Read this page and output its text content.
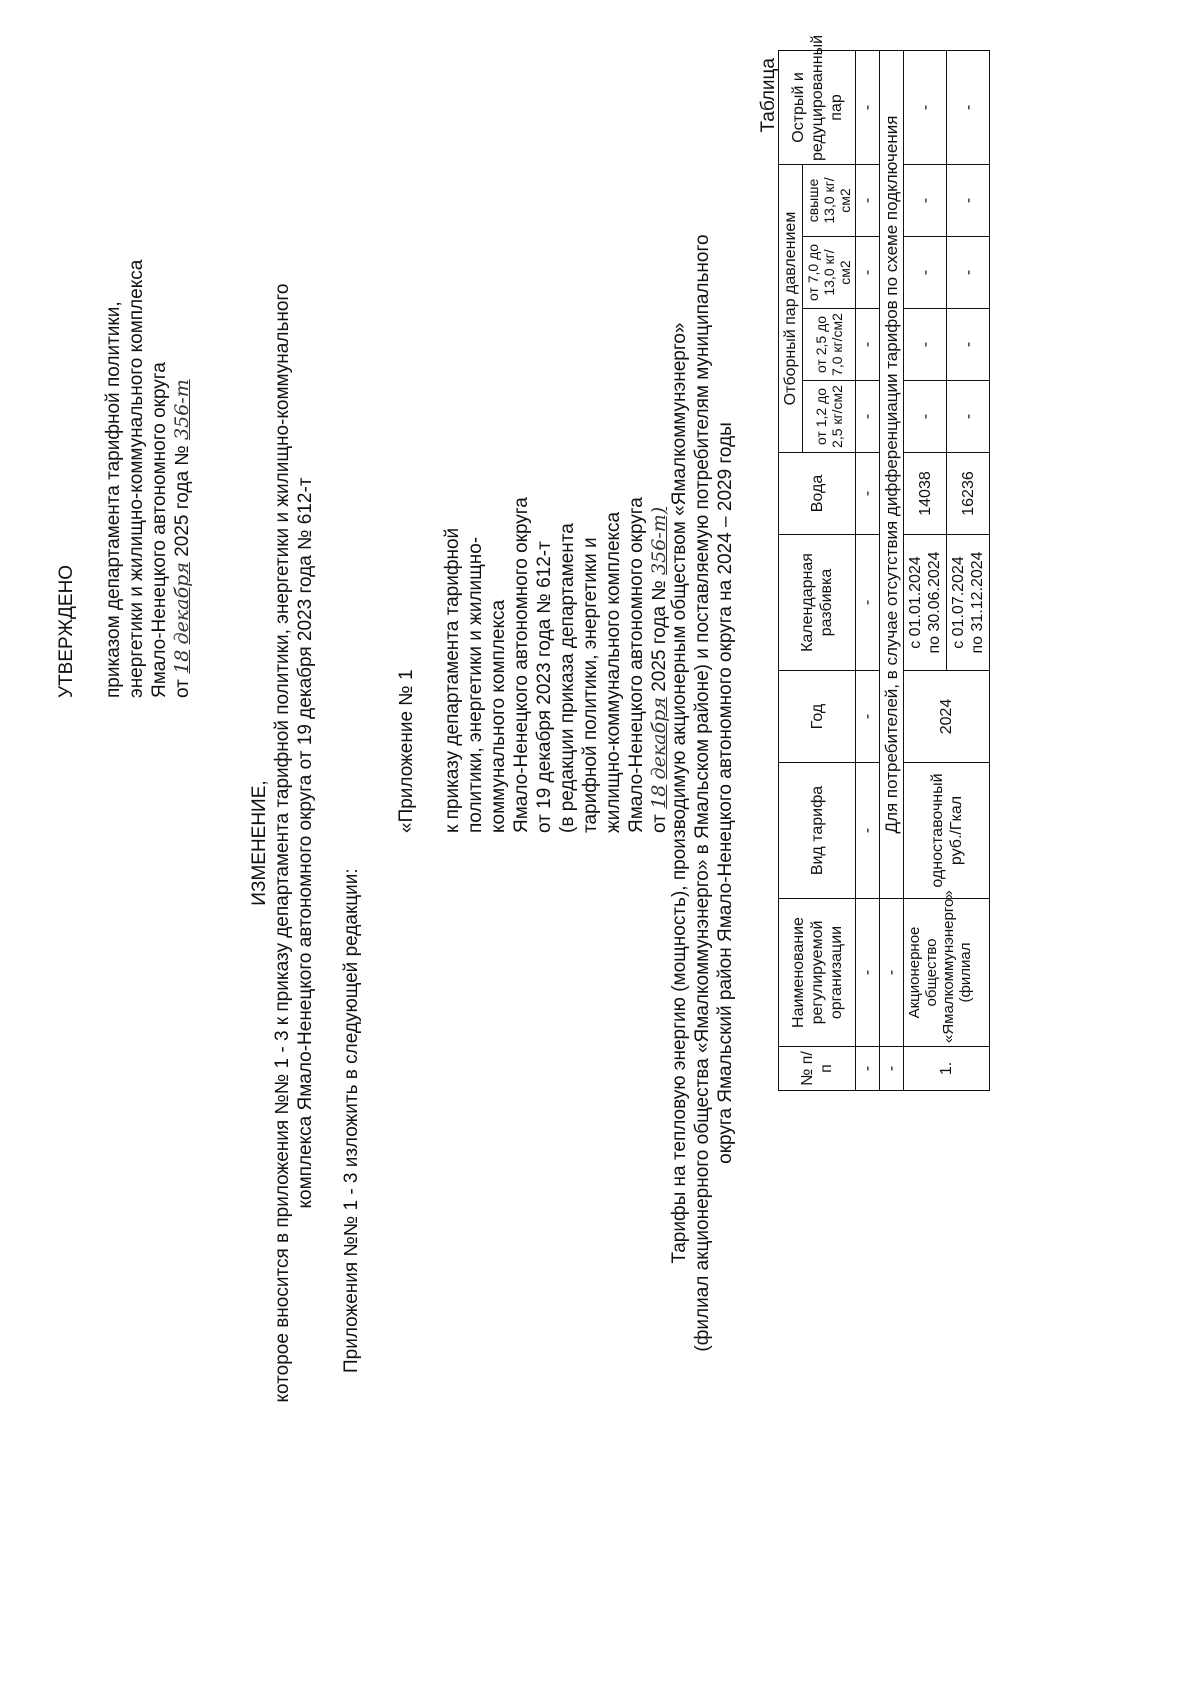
УТВЕРЖДЕНО приказом департамента тарифной политики, энергетики и жилищно-коммунального комплекса Ямало-Ненецкого автономного округа от 18 декабря 2025 года № 356-т
ИЗМЕНЕНИЕ, которое вносится в приложения №№ 1 - 3 к приказу департамента тарифной политики, энергетики и жилищно-коммунального комплекса Ямало-Ненецкого автономного округа от 19 декабря 2023 года № 612-т Приложения №№ 1 - 3 изложить в следующей редакции:
«Приложение № 1 к приказу департамента тарифной политики, энергетики и жилищно- коммунального комплекса Ямало-Ненецкого автономного округа от 19 декабря 2023 года № 612-т (в редакции приказа департамента тарифной политики, энергетики и жилищно-коммунального комплекса Ямало-Ненецкого автономного округа от 18 декабря 2025 года № 356-т) Тарифы на тепловую энергию (мощность), производимую акционерным обществом «Ямалкоммунэнерго» (филиал акционерного общества «Ямалкоммунэнерго» в Ямальском районе) и поставляемую потребителям муниципального округа Ямальский район Ямало-Ненецкого автономного округа на 2024 – 2029 годы
Таблица
№ п/п	Наименование регулируемой организации	Вид тарифа	Год	Календарная разбивка	Вода	Отборный пар давлением				Острый и редуцированный пар
						от 1,2 до 2,5 кг/см2	от 2,5 до 7,0 кг/см2	от 7,0 до 13,0 кг/см2	свыше 13,0 кг/см2	
-	-	-	-	-	-	-	-	-	-	-
-	-	Для потребителей, в случае отсутствия дифференциации тарифов по схеме подключения								
1.	Акционерное общество «Ямалкоммунэнерго» (филиал	одноставочный руб./Гкал	2024	с 01.01.2024 по 30.06.2024	14038	-	-	-	-	-

				с 01.07.2024 по 31.12.2024	16236	-	-	-	-	-
